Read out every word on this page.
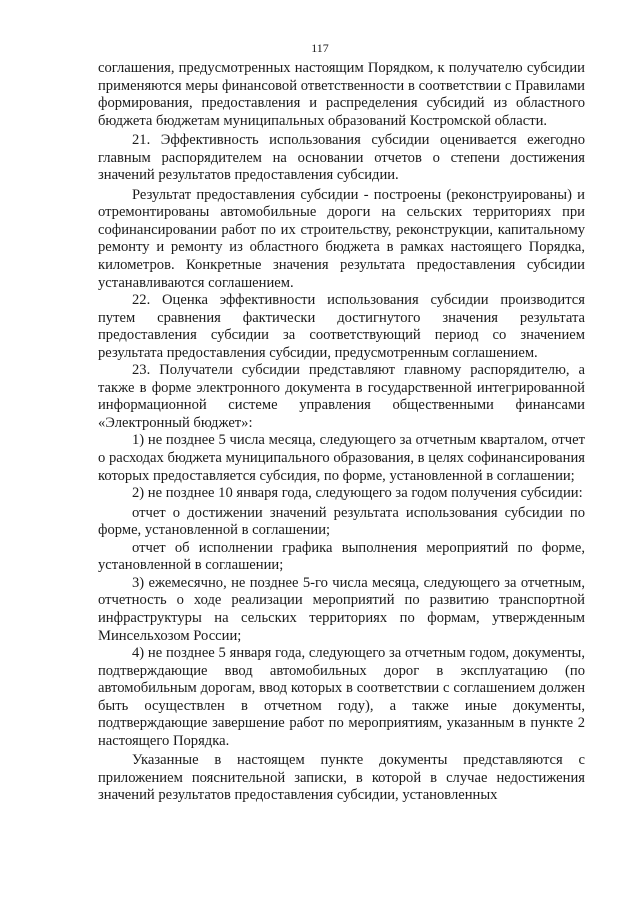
117

соглашения, предусмотренных настоящим Порядком, к получателю субсидии применяются меры финансовой ответственности в соответствии с Правилами формирования, предоставления и распределения субсидий из областного бюджета бюджетам муниципальных образований Костромской области.

21. Эффективность использования субсидии оценивается ежегодно главным распорядителем на основании отчетов о степени достижения значений результатов предоставления субсидии.

Результат предоставления субсидии - построены (реконструированы) и отремонтированы автомобильные дороги на сельских территориях при софинансировании работ по их строительству, реконструкции, капитальному ремонту и ремонту из областного бюджета в рамках настоящего Порядка, километров. Конкретные значения результата предоставления субсидии устанавливаются соглашением.

22. Оценка эффективности использования субсидии производится путем сравнения фактически достигнутого значения результата предоставления субсидии за соответствующий период со значением результата предоставления субсидии, предусмотренным соглашением.

23. Получатели субсидии представляют главному распорядителю, а также в форме электронного документа в государственной интегрированной информационной системе управления общественными финансами «Электронный бюджет»:

1) не позднее 5 числа месяца, следующего за отчетным кварталом, отчет о расходах бюджета муниципального образования, в целях софинансирования которых предоставляется субсидия, по форме, установленной в соглашении;

2) не позднее 10 января года, следующего за годом получения субсидии:

отчет о достижении значений результата использования субсидии по форме, установленной в соглашении;

отчет об исполнении графика выполнения мероприятий по форме, установленной в соглашении;

3) ежемесячно, не позднее 5-го числа месяца, следующего за отчетным, отчетность о ходе реализации мероприятий по развитию транспортной инфраструктуры на сельских территориях по формам, утвержденным Минсельхозом России;

4) не позднее 5 января года, следующего за отчетным годом, документы, подтверждающие ввод автомобильных дорог в эксплуатацию (по автомобильным дорогам, ввод которых в соответствии с соглашением должен быть осуществлен в отчетном году), а также иные документы, подтверждающие завершение работ по мероприятиям, указанным в пункте 2 настоящего Порядка.

Указанные в настоящем пункте документы представляются с приложением пояснительной записки, в которой в случае недостижения значений результатов предоставления субсидии, установленных
